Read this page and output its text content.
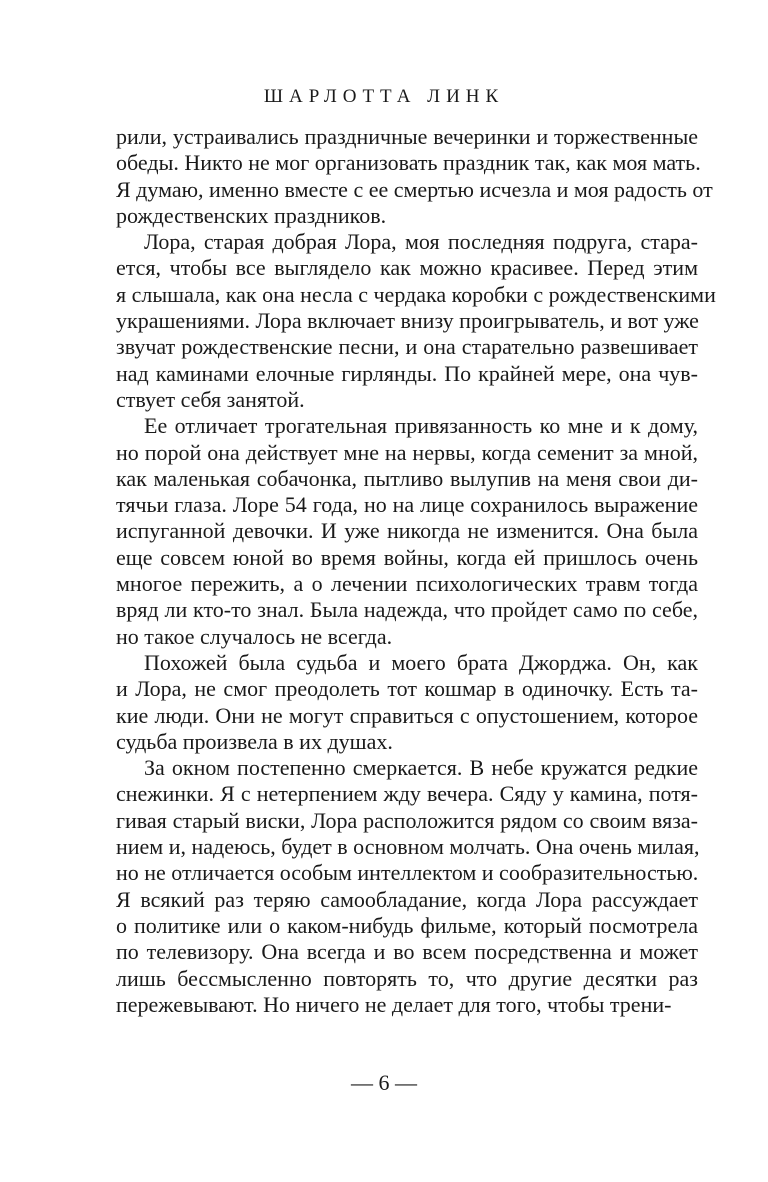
ШАРЛОТТА ЛИНК
рили, устраивались праздничные вечеринки и торжественные
обеды. Никто не мог организовать праздник так, как моя мать.
Я думаю, именно вместе с ее смертью исчезла и моя радость от
рождественских праздников.
Лора, старая добрая Лора, моя последняя подруга, стара-
ется, чтобы все выглядело как можно красивее. Перед этим
я слышала, как она несла с чердака коробки с рождественскими
украшениями. Лора включает внизу проигрыватель, и вот уже
звучат рождественские песни, и она старательно развешивает
над каминами елочные гирлянды. По крайней мере, она чув-
ствует себя занятой.
Ее отличает трогательная привязанность ко мне и к дому,
но порой она действует мне на нервы, когда семенит за мной,
как маленькая собачонка, пытливо вылупив на меня свои ди-
тячьи глаза. Лоре 54 года, но на лице сохранилось выражение
испуганной девочки. И уже никогда не изменится. Она была
еще совсем юной во время войны, когда ей пришлось очень
многое пережить, а о лечении психологических травм тогда
вряд ли кто-то знал. Была надежда, что пройдет само по себе,
но такое случалось не всегда.
Похожей была судьба и моего брата Джорджа. Он, как
и Лора, не смог преодолеть тот кошмар в одиночку. Есть та-
кие люди. Они не могут справиться с опустошением, которое
судьба произвела в их душах.
За окном постепенно смеркается. В небе кружатся редкие
снежинки. Я с нетерпением жду вечера. Сяду у камина, потя-
гивая старый виски, Лора расположится рядом со своим вяза-
нием и, надеюсь, будет в основном молчать. Она очень милая,
но не отличается особым интеллектом и сообразительностью.
Я всякий раз теряю самообладание, когда Лора рассуждает
о политике или о каком-нибудь фильме, который посмотрела
по телевизору. Она всегда и во всем посредственна и может
лишь бессмысленно повторять то, что другие десятки раз
пережевывают. Но ничего не делает для того, чтобы трени-
— 6 —
